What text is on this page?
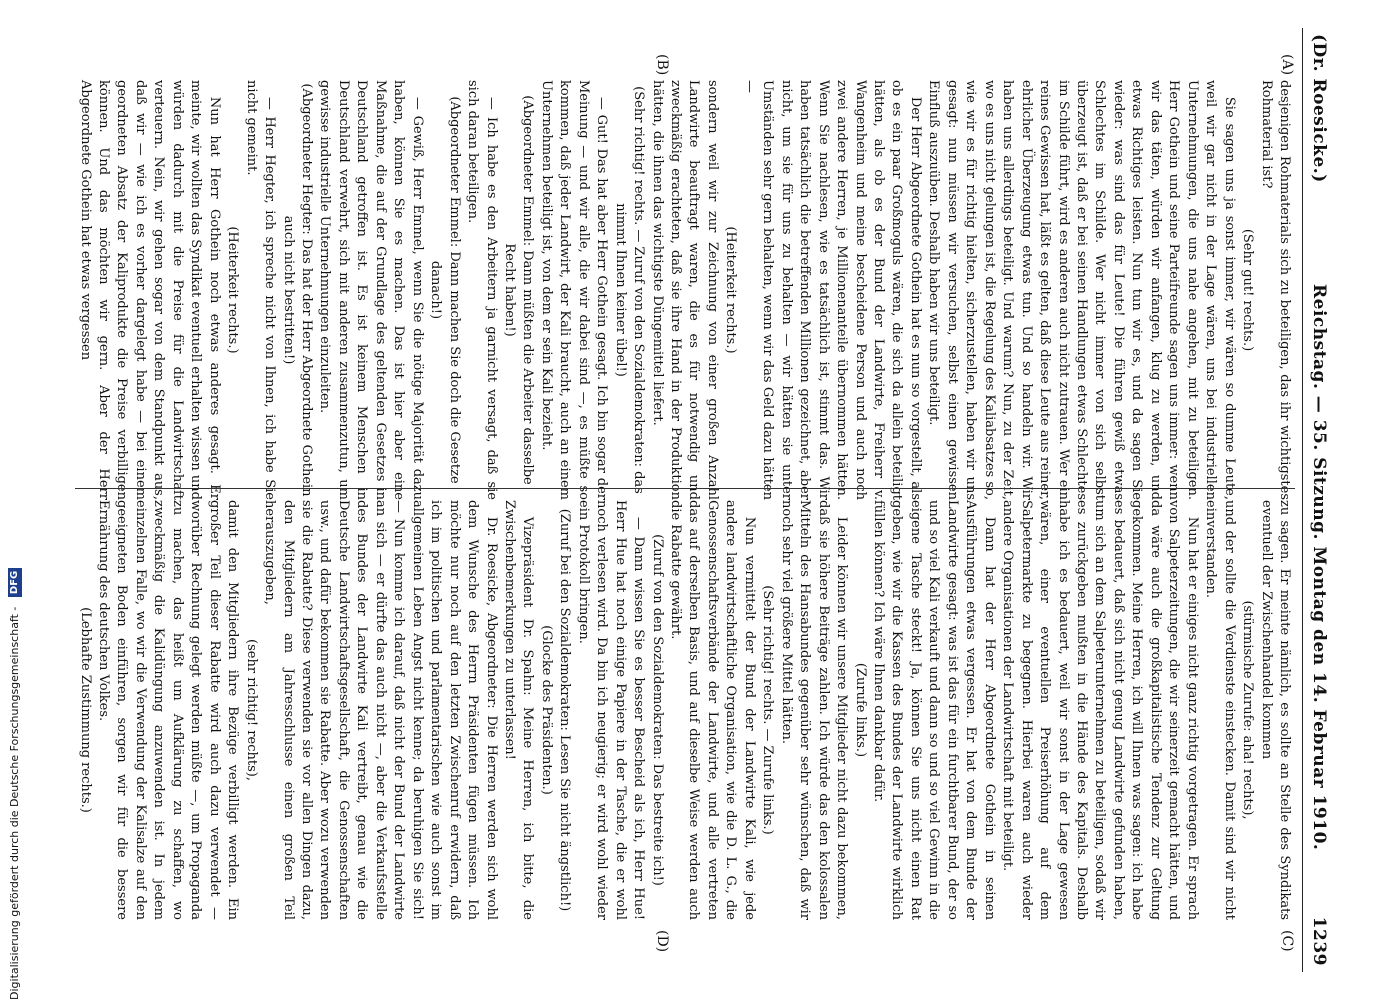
(Dr. Roesicke.)
Reichstag. — 35. Sitzung. Montag den 14. Februar 1910.
1239
(A)
(B)
(C)
(D)

desjenigen Rohmaterials sich zu beteiligen, das ihr wichtigstes Rohmaterial ist?

(Sehr gut! rechts.)

Sie sagen uns ja sonst immer, wir wären so dumme Leute, weil wir gar nicht in der Lage wären, uns bei industriellen Unternehmungen, die uns nahe angehen, mit zu beteiligen. Herr Gothein und seine Parteifreunde sagen uns immer: wenn wir das täten, würden wir anfangen, klug zu werden, und etwas Richtiges leisten. Nun tun wir es, und da sagen Sie wieder: was sind das für Leute! Die führen gewiß etwas Schlechtes im Schilde. Wer nicht immer von sich selbst überzeugt ist, daß er bei seinen Handlungen etwas Schlechtes im Schilde führt, wird es anderen auch nicht zutrauen. Wer ein reines Gewissen hat, läßt es gelten, daß diese Leute aus reiner, ehrlicher Überzeugung etwas tun. Und so handeln wir. Wir haben uns allerdings beteiligt. Und warum? Nun, zu der Zeit, wo es uns nicht gelungen ist, die Regelung des Kaliabsatzes so, wie wir es für richtig hielten, sicherzustellen, haben wir uns gesagt: nun müssen wir versuchen, selbst einen gewissen Einfluß auszuüben. Deshalb haben wir uns beteiligt.

Der Herr Abgeordnete Gothein hat es nun so vorgestellt, als ob es ein paar Großmoguls wären, die sich da allein beteiligt hätten, als ob es der Bund der Landwirte, Freiherr v. Wangenheim und meine bescheidene Person und auch noch zwei andere Herren, je Millionenanteile übernommen hätten. Wenn Sie nachlesen, wie es tatsächlich ist, stimmt das. Wir haben tatsächlich die betreffenden Millionen gezeichnet, aber nicht, um sie für uns zu behalten — wir hätten sie unter Umständen sehr gern behalten, wenn wir das Geld dazu hätten —

(Heiterkeit rechts.)

sondern weil wir zur Zeichnung von einer großen Anzahl Landwirte beauftragt waren, die es für notwendig und zweckmäßig erachteten, daß sie ihre Hand in der Produktion hätten, die ihnen das wichtigste Düngemittel liefert.

(Sehr richtig! rechts. — Zuruf von den Sozialdemokraten: das nimmt Ihnen keiner übel!)

— Gut! Das hat aber Herr Gothein gesagt. Ich bin sogar der Meinung — und wir alle, die wir dabei sind —, es müßte so kommen, daß jeder Landwirt, der Kali braucht, auch an einem Unternehmen beteiligt ist, von dem er sein Kali bezieht.

(Abgeordneter Emmel: Dann müßten die Arbeiter dasselbe Recht haben!)

— Ich habe es den Arbeitern ja garnicht versagt, daß sie sich daran beteiligen.

(Abgeordneter Emmel: Dann machen Sie doch die Gesetze danach!)

— Gewiß, Herr Emmel, wenn Sie die nötige Majorität dazu haben, können Sie es machen. Das ist hier aber eine Maßnahme, die auf der Grundlage des geltenden Gesetzes in Deutschland getroffen ist. Es ist keinem Menschen in Deutschland verwehrt, sich mit anderen zusammenzutun, um gewisse industrielle Unternehmungen einzuleiten.

(Abgeordneter Hegter: Das hat der Herr Abgeordnete Gothein auch nicht bestritten!)

— Herr Hegter, ich spreche nicht von Ihnen, ich habe Sie nicht gemeint.

(Heiterkeit rechts.)

Nun hat Herr Gothein noch etwas anderes gesagt. Er meinte, wir wollten das Syndikat eventuell erhalten wissen und würden dadurch mit die Preise für die Landwirtschaft verteuern. Nein, wir gehen sogar von dem Standpunkt aus, daß wir — wie ich es vorher dargelegt habe — bei einem geordneten Absatz der Kaliprodukte die Preise verbilligen können. Und das möchten wir gern. Aber der Herr Abgeordnete Gothein hat etwas vergessen

zu sagen. Er meinte nämlich, es sollte an Stelle des Syndikats eventuell der Zwischenhandel kommen

(stürmische Zurufe: aha! rechts),

und der sollte die Verdienste einstecken. Damit sind wir nicht einverstanden.

Nun hat er einiges nicht ganz richtig vorgetragen. Er sprach von Salpeterzeitungen, die wir seinerzeit gemacht hätten, und da wäre auch die großkapitalistische Tendenz zur Geltung gekommen. Meine Herren, ich will Ihnen was sagen: ich habe es bedauert, daß sich nicht genug Landwirte gefunden haben, um sich an dem Salpeterunternehmen zu beteiligen, sodaß wir es zurückgeben mußten in die Hände des Kapitals. Deshalb habe ich es bedauert, weil wir sonst in der Lage gewesen wären, einer eventuellen Preiserhöhung auf dem Salpetermarkte zu begegnen. Hierbei waren auch wieder andere Organisationen der Landwirtschaft mit beteiligt.

Dann hat der Herr Abgeordnete Gothein in seinen Ausführungen etwas vergessen. Er hat von dem Bunde der Landwirte gesagt: was ist das für ein furchtbarer Bund, der so und so viel Kali verkauft und dann so und so viel Gewinn in die eigene Tasche steckt! Ja, können Sie uns nicht einen Rat geben, wie wir die Kassen des Bundes der Landwirte wirklich füllen können? Ich wäre Ihnen dankbar dafür.

(Zurufe links.)

Leider können wir unsere Mitglieder nicht dazu bekommen, daß sie höhere Beiträge zahlen. Ich würde das den kolossalen Mitteln des Hansabundes gegenüber sehr wünschen, daß wir noch sehr viel größere Mittel hätten.

(Sehr richtig! rechts. — Zurufe links.)

Nun vermittelt der Bund der Landwirte Kali, wie jede andere landwirtschaftliche Organisation, wie die D. L. G., die Genossenschaftsverbände der Landwirte, und alle vertreten das auf derselben Basis, und auf dieselbe Weise werden auch die Rabatte gewährt.

(Zuruf von den Sozialdemokraten: Das bestreite ich!)

— Dann wissen Sie es besser Bescheid als ich, Herr Hue! Herr Hue hat noch einige Papiere in der Tasche, die er wohl noch verlesen wird. Da bin ich neugierig; er wird wohl wieder ein Protokoll bringen.

(Zuruf bei den Sozialdemokraten: Lesen Sie nicht ängstlich!)

(Glocke des Präsidenten.)

Vizepräsident Dr. Spahn: Meine Herren, ich bitte, die Zwischenbemerkungen zu unterlassen!

Dr. Roesicke, Abgeordneter: Die Herren werden sich wohl dem Wunsche des Herrn Präsidenten fügen müssen. Ich möchte nur noch auf den letzten Zwischenruf erwidern, daß ich im politischen und parlamentarischen wie auch sonst im allgemeinen Leben Angst nicht kenne; da beruhigen Sie sich! — Nun komme ich darauf, daß nicht der Bund der Landwirte an sich — er dürfte das auch nicht —, aber die Verkaufsstelle des Bundes der Landwirte Kali vertreibt, genau wie die Deutsche Landwirtschaftsgesellschaft, die Genossenschaften usw., und dafür bekommen sie Rabatte. Aber wozu verwenden sie die Rabatte? Diese verwenden sie vor allen Dingen dazu, den Mitgliedern am Jahresschlusse einen großen Teil herauszugeben,

(sehr richtig! rechts),

damit den Mitgliedern ihre Bezüge verbilligt werden. Ein großer Teil dieser Rabatte wird auch dazu verwendet — worüber Rechnung gelegt werden müßte —, um Propaganda zu machen, das heißt um Aufklärung zu schaffen, wo zweckmäßig die Kalidüngung anzuwenden ist. In jedem einzelnen Falle, wo wir die Verwendung der Kalisalze auf den geeigneten Boden einführen, sorgen wir für die bessere Ernährung des deutschen Volkes.

(Lebhafte Zustimmung rechts.)

Digitalisierung gefördert durch die Deutsche Forschungsgemeinschaft - DFG
